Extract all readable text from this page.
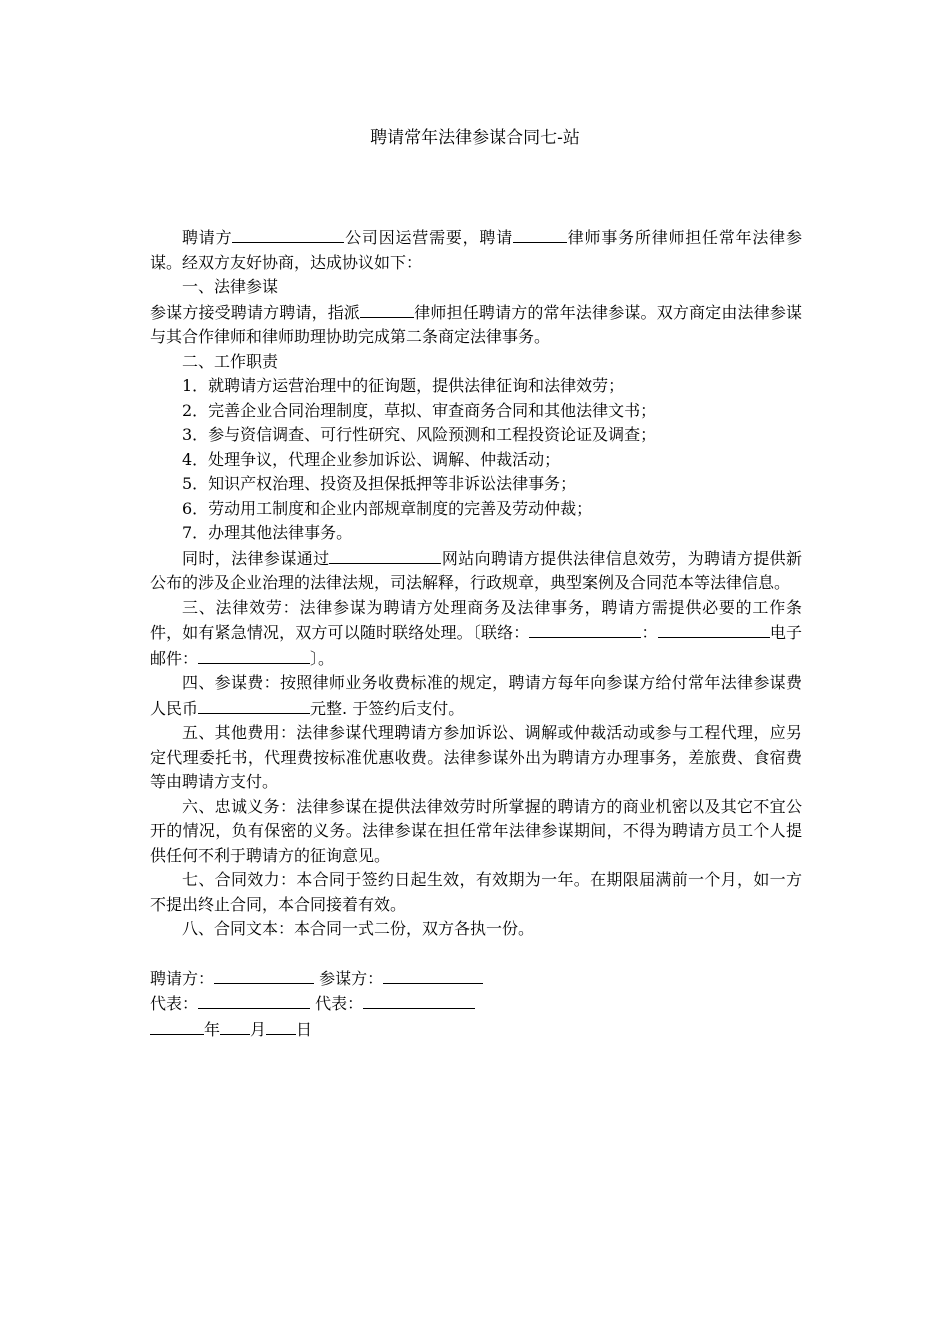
聘请常年法律参谋合同七-站

聘请方	公司因运营需要，聘请	律师事务所律师担任常年法律参谋。经双方友好协商，达成协议如下：

一、法律参谋

参谋方接受聘请方聘请，指派	律师担任聘请方的常年法律参谋。双方商定由法律参谋与其合作律师和律师助理协助完成第二条商定法律事务。

二、工作职责

1．就聘请方运营治理中的征询题，提供法律征询和法律效劳；

2．完善企业合同治理制度，草拟、审查商务合同和其他法律文书；

3．参与资信调查、可行性研究、风险预测和工程投资论证及调查；

4．处理争议，代理企业参加诉讼、调解、仲裁活动；

5．知识产权治理、投资及担保抵押等非诉讼法律事务；

6．劳动用工制度和企业内部规章制度的完善及劳动仲裁；

7．办理其他法律事务。

同时，法律参谋通过	网站向聘请方提供法律信息效劳，为聘请方提供新公布的涉及企业治理的法律法规，司法解释，行政规章，典型案例及合同范本等法律信息。

三、法律效劳：法律参谋为聘请方处理商务及法律事务，聘请方需提供必要的工作条件，如有紧急情况，双方可以随时联络处理。〔联络：	：	电子邮件：	〕。

四、参谋费：按照律师业务收费标准的规定，聘请方每年向参谋方给付常年法律参谋费人民币	元整. 于签约后支付。

五、其他费用：法律参谋代理聘请方参加诉讼、调解或仲裁活动或参与工程代理，应另定代理委托书，代理费按标准优惠收费。法律参谋外出为聘请方办理事务，差旅费、食宿费等由聘请方支付。

六、忠诚义务：法律参谋在提供法律效劳时所掌握的聘请方的商业机密以及其它不宜公开的情况，负有保密的义务。法律参谋在担任常年法律参谋期间，不得为聘请方员工个人提供任何不利于聘请方的征询意见。

七、合同效力：本合同于签约日起生效，有效期为一年。在期限届满前一个月，如一方不提出终止合同，本合同接着有效。

八、合同文本：本合同一式二份，双方各执一份。

聘请方：	参谋方：

代表：	代表：

年 月 日
